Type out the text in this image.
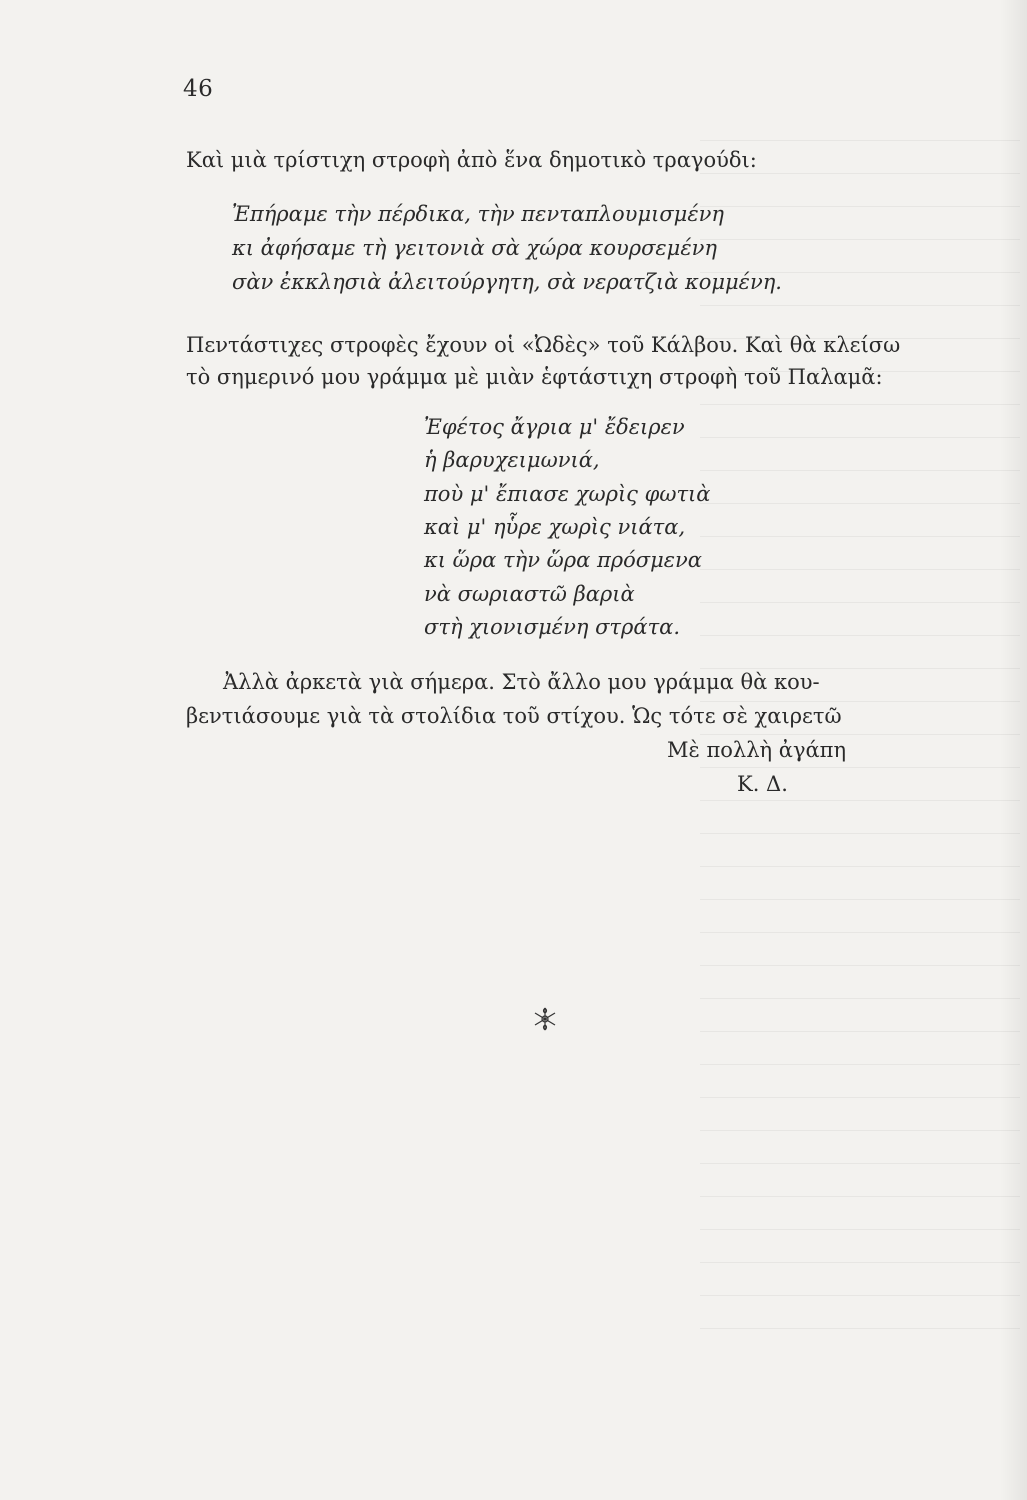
46
Καὶ μιὰ τρίστιχη στροφὴ ἀπὸ ἕνα δημοτικὸ τραγούδι:
Ἐπήραμε τὴν πέρδικα, τὴν πενταπλουμισμένη
κι ἀφήσαμε τὴ γειτονιὰ σὰ χώρα κουρσεμένη
σὰν ἐκκλησιὰ ἀλειτούργητη, σὰ νερατζιὰ κομμένη.
Πεντάστιχες στροφὲς ἔχουν οἱ «Ὠδὲς» τοῦ Κάλβου. Καὶ θὰ κλείσω
τὸ σημερινό μου γράμμα μὲ μιὰν ἑφτάστιχη στροφὴ τοῦ Παλαμᾶ:
Ἐφέτος ἄγρια μ' ἔδειρεν
ἡ βαρυχειμωνιά,
ποὺ μ' ἔπιασε χωρὶς φωτιὰ
καὶ μ' ηὗρε χωρὶς νιάτα,
κι ὥρα τὴν ὥρα πρόσμενα
νὰ σωριαστῶ βαριὰ
στὴ χιονισμένη στράτα.
Ἀλλὰ ἀρκετὰ γιὰ σήμερα. Στὸ ἄλλο μου γράμμα θὰ κου-
βεντιάσουμε γιὰ τὰ στολίδια τοῦ στίχου. Ὡς τότε σὲ χαιρετῶ
Μὲ πολλὴ ἀγάπη
Κ. Δ.
